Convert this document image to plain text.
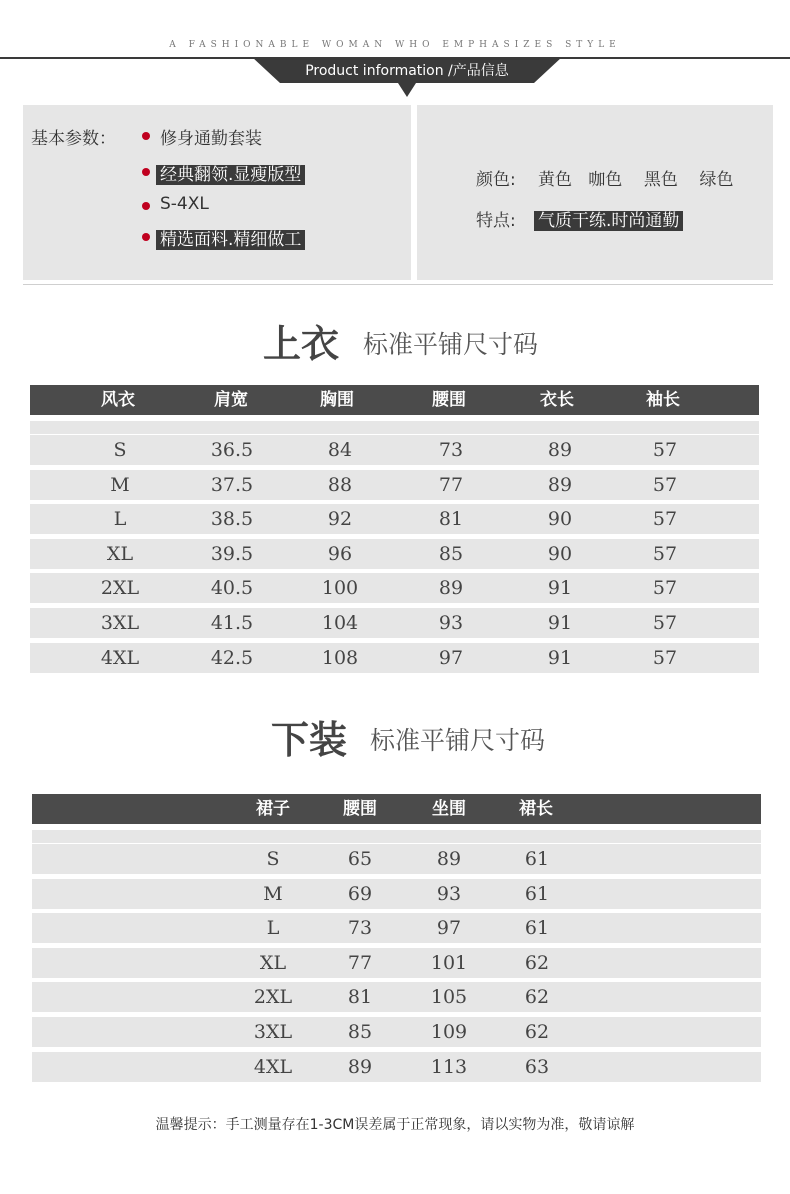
A FASHIONABLE WOMAN WHO EMPHASIZES STYLE
Product information /产品信息
基本参数：	修身通勤套装
经典翻领.显瘦版型
S-4XL
精选面料.精细做工
颜色: 黄色   咖色    黑色    绿色
特点: 气质干练.时尚通勤
上衣 标准平铺尺寸码
风衣	肩宽	胸围	腰围	衣长	袖长
S	36.5	84	73	89	57
M	37.5	88	77	89	57
L	38.5	92	81	90	57
XL	39.5	96	85	90	57
2XL	40.5	100	89	91	57
3XL	41.5	104	93	91	57
4XL	42.5	108	97	91	57
下装 标准平铺尺寸码
裙子	腰围	坐围	裙长
S	65	89	61
M	69	93	61
L	73	97	61
XL	77	101	62
2XL	81	105	62
3XL	85	109	62
4XL	89	113	63
温馨提示：手工测量存在1-3CM误差属于正常现象，请以实物为准，敬请谅解
